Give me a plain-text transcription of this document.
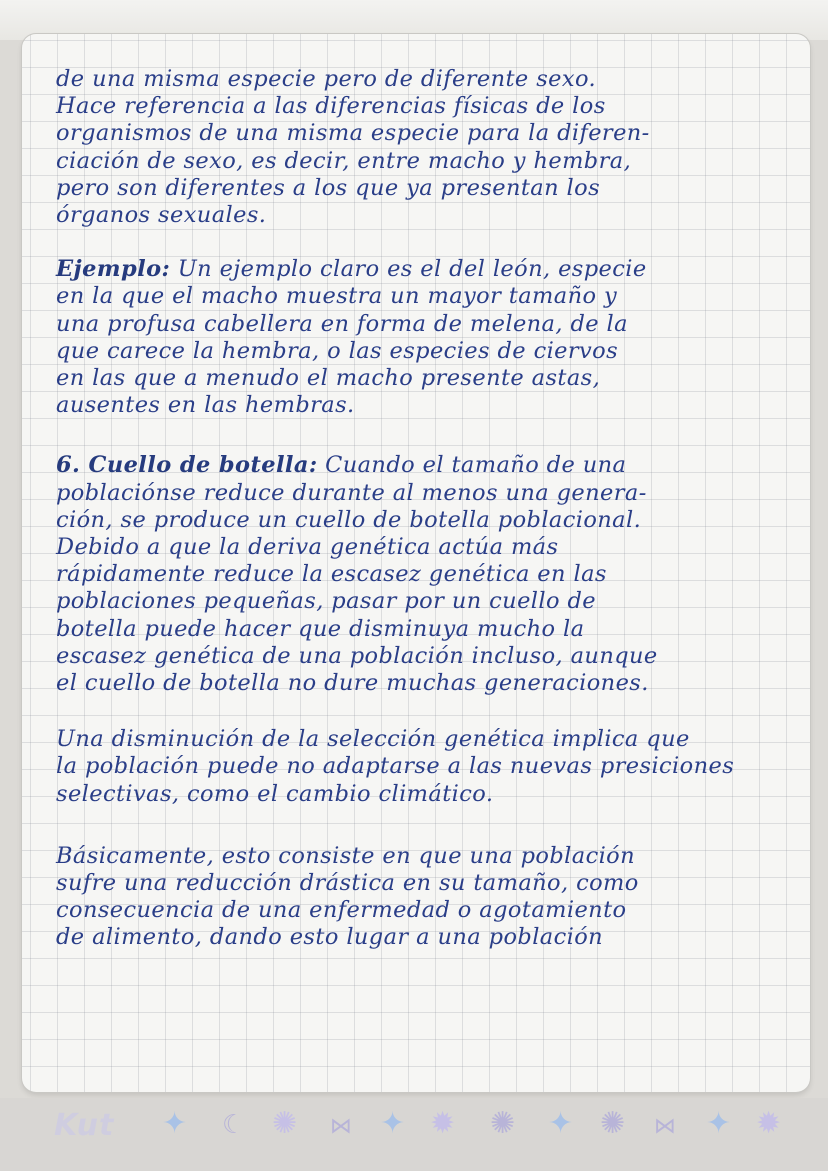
de una misma especie pero de diferente sexo.
Hace referencia a las diferencias físicas de los
organismos de una misma especie para la diferen-
ciación de sexo, es decir, entre macho y hembra,
pero son diferentes a los que ya presentan los
órganos sexuales.

Ejemplo: Un ejemplo claro es el del león, especie
en la que el macho muestra un mayor tamaño y
una profusa cabellera en forma de melena, de la
que carece la hembra, o las especies de ciervos
en las que a menudo el macho presente astas,
ausentes en las hembras.

6. Cuello de botella: Cuando el tamaño de una
poblaciónse reduce durante al menos una genera-
ción, se produce un cuello de botella poblacional.
Debido a que la deriva genética actúa más
rápidamente reduce la escasez genética en las
poblaciones pequeñas, pasar por un cuello de
botella puede hacer que disminuya mucho la
escasez genética de una población incluso, aunque
el cuello de botella no dure muchas generaciones.

Una disminución de la selección genética implica que
la población puede no adaptarse a las nuevas presiciones
selectivas, como el cambio climático.

Básicamente, esto consiste en que una población
sufre una reducción drástica en su tamaño, como
consecuencia de una enfermedad o agotamiento
de alimento, dando esto lugar a una población

Kut ✦ ☾ ✺ ⋈ ✦ ✹ ✺ ✦ ✺ ⋈ ✦ ✹
